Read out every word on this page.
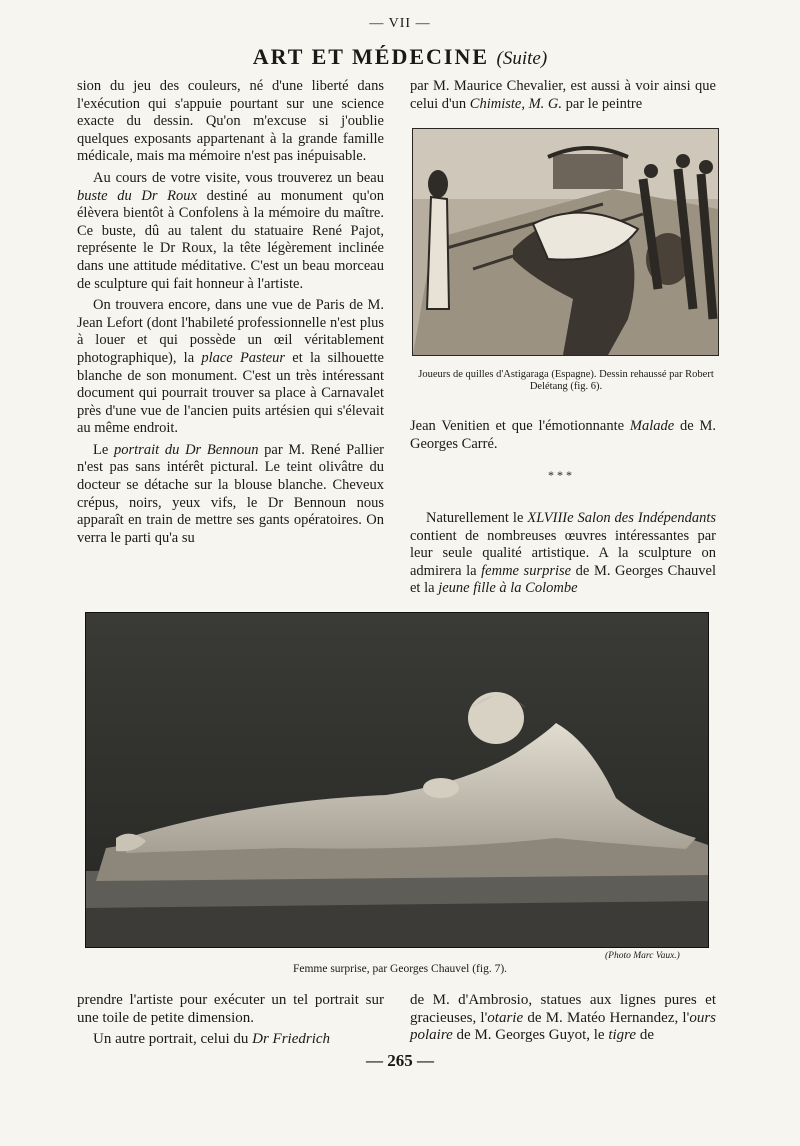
— VII —
ART ET MÉDECINE (Suite)

sion du jeu des couleurs, né d'une liberté dans l'exécution qui s'appuie pourtant sur une science exacte du dessin. Qu'on m'excuse si j'oublie quelques exposants appartenant à la grande famille médicale, mais ma mémoire n'est pas inépuisable.

Au cours de votre visite, vous trouverez un beau buste du Dr Roux destiné au monument qu'on élèvera bientôt à Confolens à la mémoire du maître. Ce buste, dû au talent du statuaire René Pajot, représente le Dr Roux, la tête légèrement inclinée dans une attitude méditative. C'est un beau morceau de sculpture qui fait honneur à l'artiste.

On trouvera encore, dans une vue de Paris de M. Jean Lefort (dont l'habileté professionnelle n'est plus à louer et qui possède un œil véritablement photographique), la place Pasteur et la silhouette blanche de son monument. C'est un très intéressant document qui pourrait trouver sa place à Carnavalet près d'une vue de l'ancien puits artésien qui s'élevait au même endroit.

Le portrait du Dr Bennoun par M. René Pallier n'est pas sans intérêt pictural. Le teint olivâtre du docteur se détache sur la blouse blanche. Cheveux crépus, noirs, yeux vifs, le Dr Bennoun nous apparaît en train de mettre ses gants opératoires. On verra le parti qu'a su

par M. Maurice Chevalier, est aussi à voir ainsi que celui d'un Chimiste, M. G. par le peintre

Joueurs de quilles d'Astigaraga (Espagne). Dessin rehaussé par Robert Delétang (fig. 6).

Jean Venitien et que l'émotionnante Malade de M. Georges Carré.

* * *

Naturellement le XLVIIIe Salon des Indépendants contient de nombreuses œuvres intéressantes par leur seule qualité artistique. A la sculpture on admirera la femme surprise de M. Georges Chauvel et la jeune fille à la Colombe

(Photo Marc Vaux.)
Femme surprise, par Georges Chauvel (fig. 7).

prendre l'artiste pour exécuter un tel portrait sur une toile de petite dimension.

Un autre portrait, celui du Dr Friedrich

de M. d'Ambrosio, statues aux lignes pures et gracieuses, l'otarie de M. Matéo Hernandez, l'ours polaire de M. Georges Guyot, le tigre de

— 265 —
